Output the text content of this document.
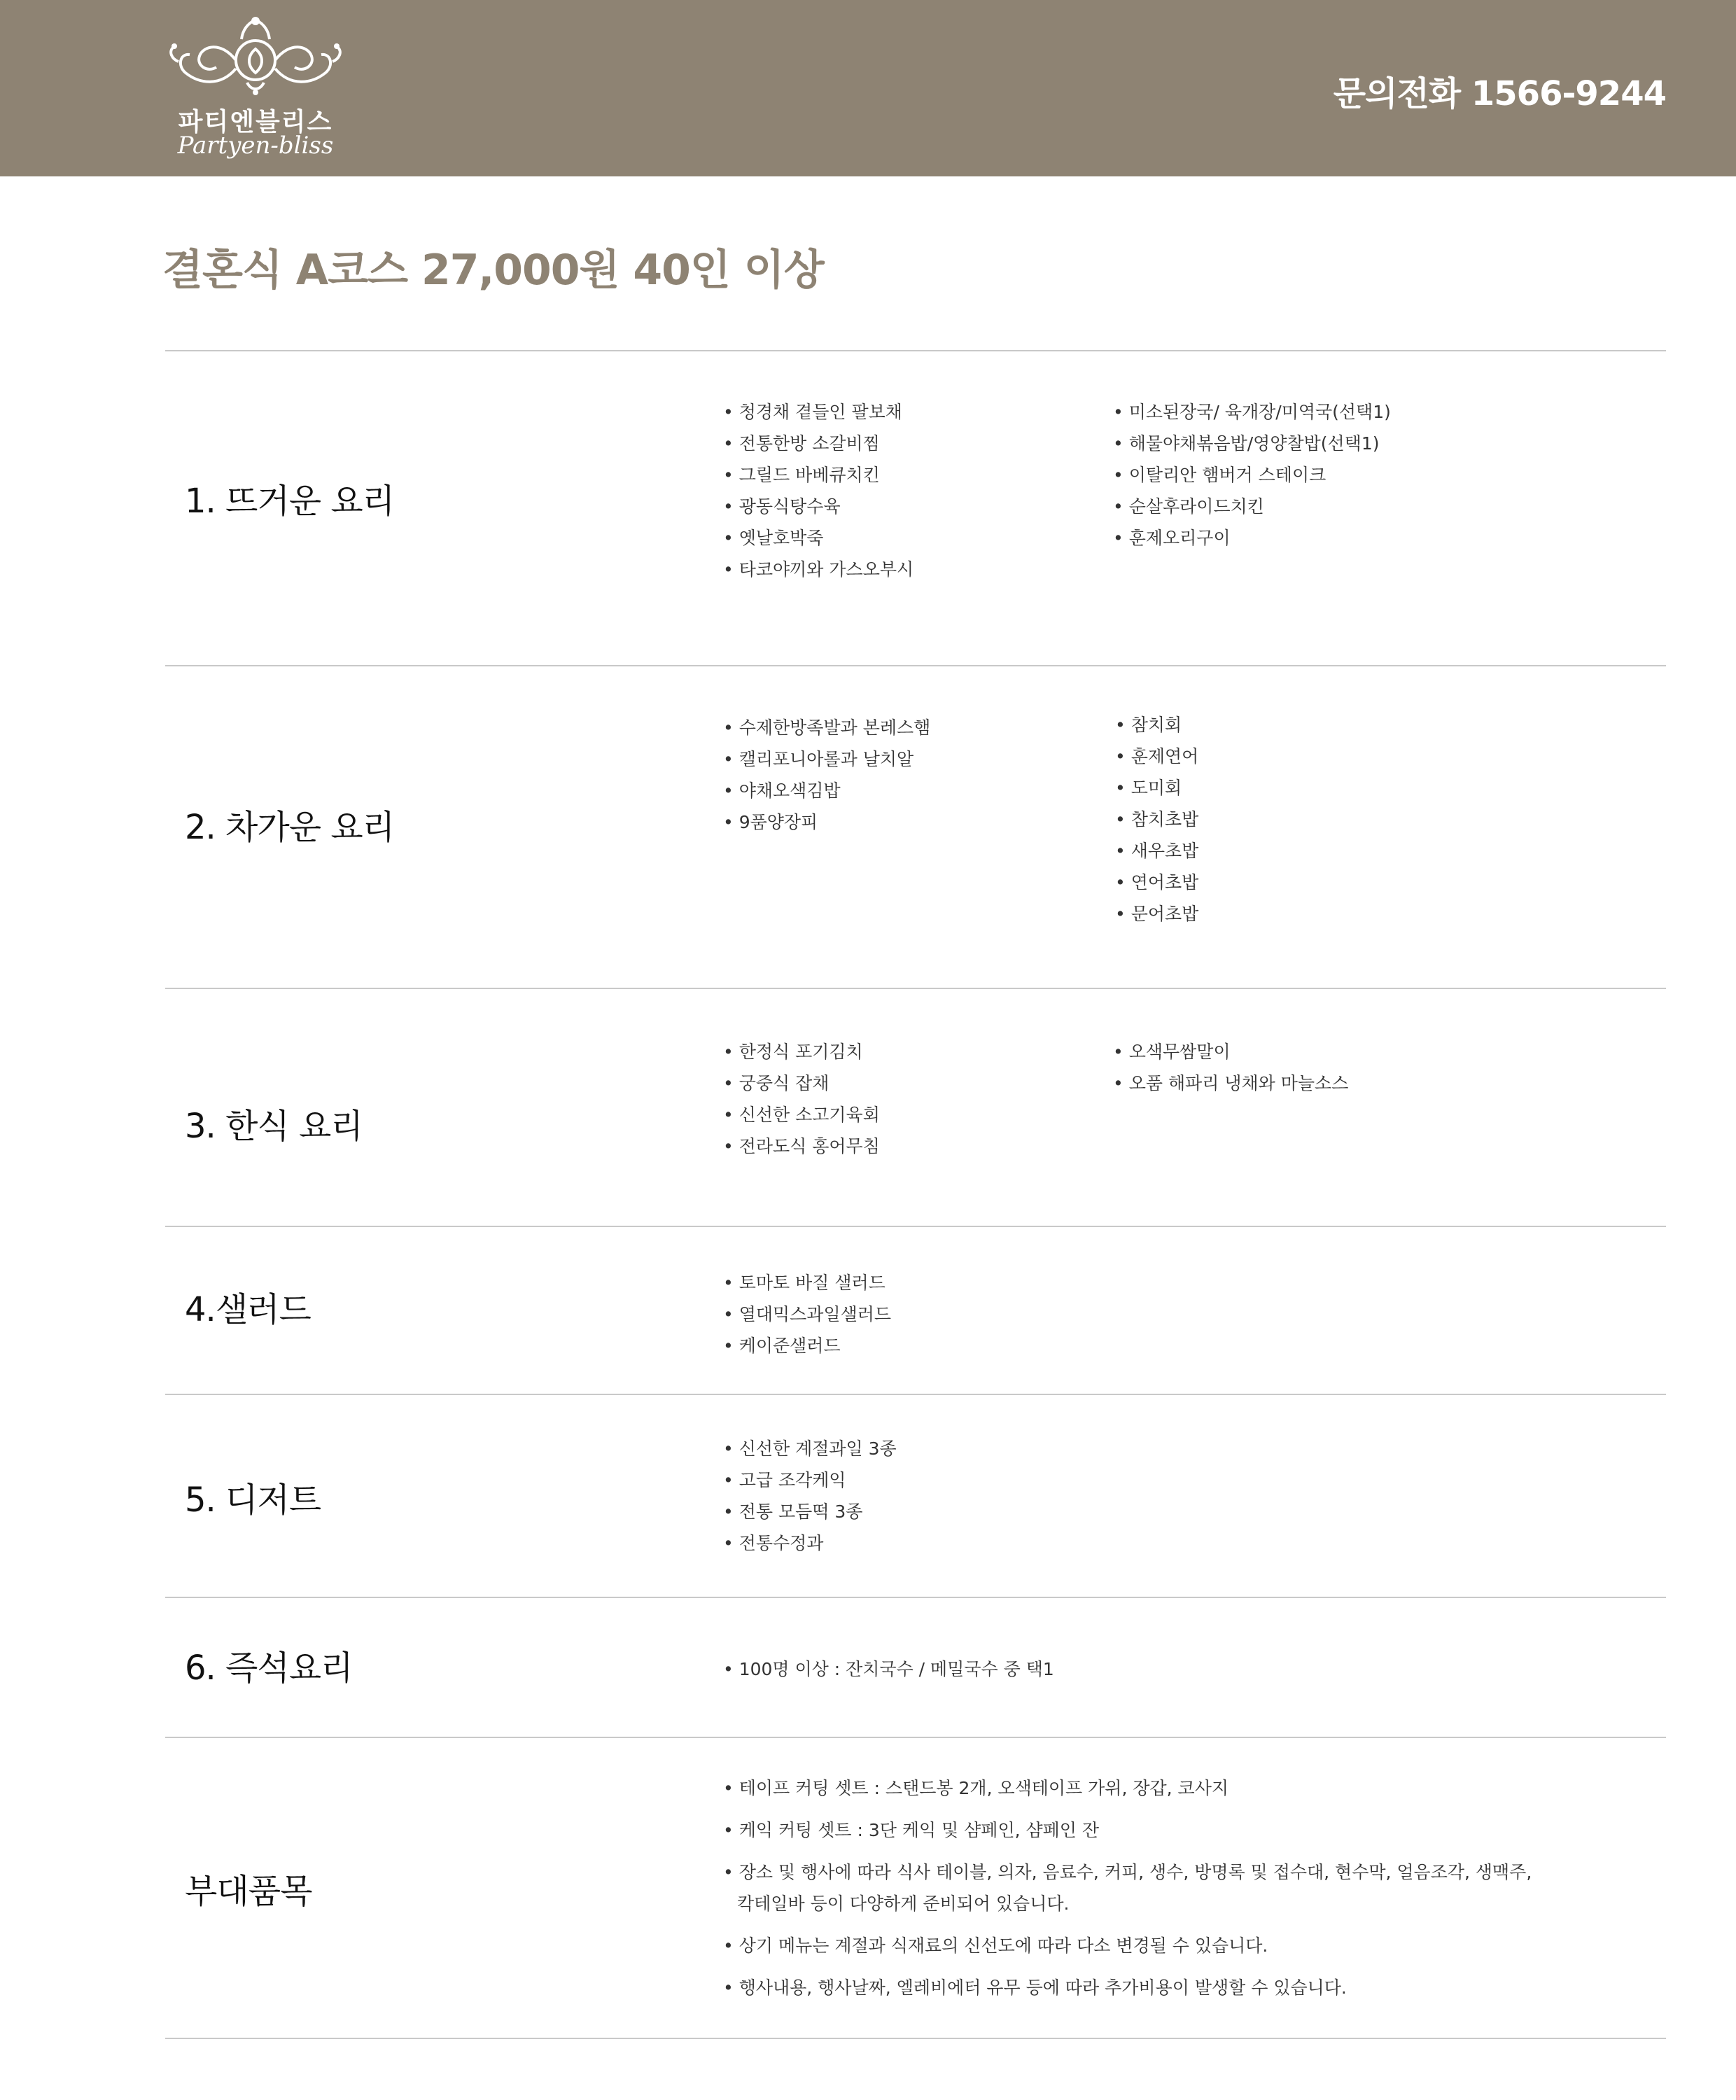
파티엔블리스
Partyen-bliss
문의전화 1566-9244
결혼식 A코스 27,000원 40인 이상
1. 뜨거운 요리
• 청경채 곁들인 팔보채
• 전통한방 소갈비찜
• 그릴드 바베큐치킨
• 광동식탕수육
• 옛날호박죽
• 타코야끼와 가스오부시
• 미소된장국/ 육개장/미역국(선택1)
• 해물야채볶음밥/영양찰밥(선택1)
• 이탈리안 햄버거 스테이크
• 순살후라이드치킨
• 훈제오리구이
2. 차가운 요리
• 수제한방족발과 본레스햄
• 캘리포니아롤과 날치알
• 야채오색김밥
• 9품양장피
• 참치회
• 훈제연어
• 도미회
• 참치초밥
• 새우초밥
• 연어초밥
• 문어초밥
3. 한식 요리
• 한정식 포기김치
• 궁중식 잡채
• 신선한 소고기육회
• 전라도식 홍어무침
• 오색무쌈말이
• 오품 해파리 냉채와 마늘소스
4.샐러드
• 토마토 바질 샐러드
• 열대믹스과일샐러드
• 케이준샐러드
5. 디저트
• 신선한 계절과일 3종
• 고급 조각케익
• 전통 모듬떡 3종
• 전통수정과
6. 즉석요리
•	100명 이상 : 잔치국수 / 메밀국수 중 택1
부대품목
• 테이프 커팅 셋트 : 스탠드봉 2개, 오색테이프 가위, 장갑, 코사지
• 케익 커팅 셋트 : 3단 케익 및 샴페인, 샴페인 잔
• 장소 및 행사에 따라 식사 테이블, 의자, 음료수, 커피, 생수, 방명록 및 접수대, 현수막, 얼음조각, 생맥주,
칵테일바 등이 다양하게 준비되어 있습니다.
• 상기 메뉴는 계절과 식재료의 신선도에 따라 다소 변경될 수 있습니다.
• 행사내용, 행사날짜, 엘레비에터 유무 등에 따라 추가비용이 발생할 수 있습니다.
